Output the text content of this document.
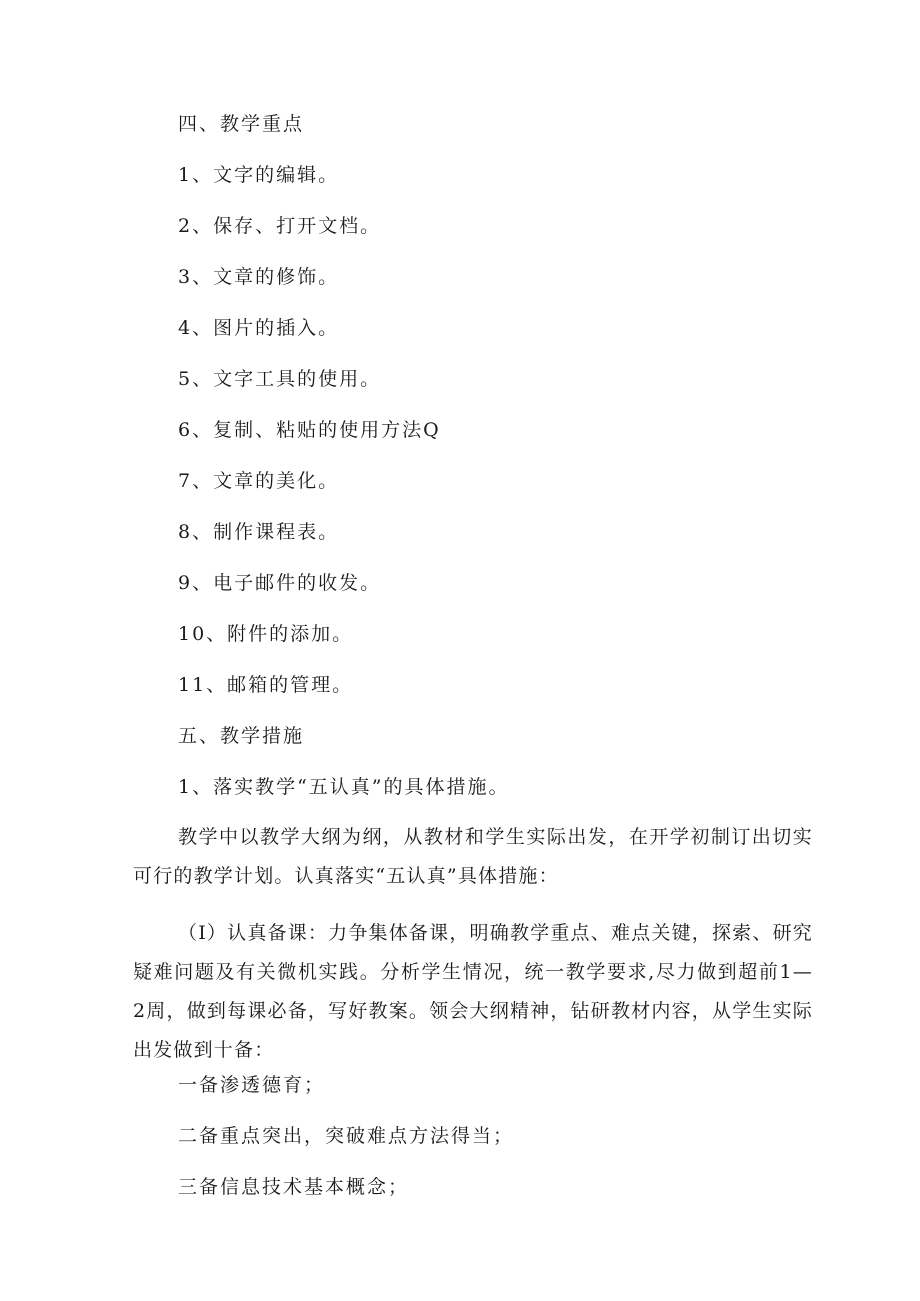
四、教学重点
1、文字的编辑。
2、保存、打开文档。
3、文章的修饰。
4、图片的插入。
5、文字工具的使用。
6、复制、粘贴的使用方法Q
7、文章的美化。
8、制作课程表。
9、电子邮件的收发。
10、附件的添加。
11、邮箱的管理。
五、教学措施
1、落实教学“五认真”的具体措施。
教学中以教学大纲为纲，从教材和学生实际出发，在开学初制订出切实可行的教学计划。认真落实“五认真”具体措施：
（I）认真备课：力争集体备课，明确教学重点、难点关键，探索、研究疑难问题及有关微机实践。分析学生情况，统一教学要求,尽力做到超前1—2周，做到每课必备，写好教案。领会大纲精神，钻研教材内容，从学生实际出发做到十备：
一备渗透德育；
二备重点突出，突破难点方法得当；
三备信息技术基本概念；
